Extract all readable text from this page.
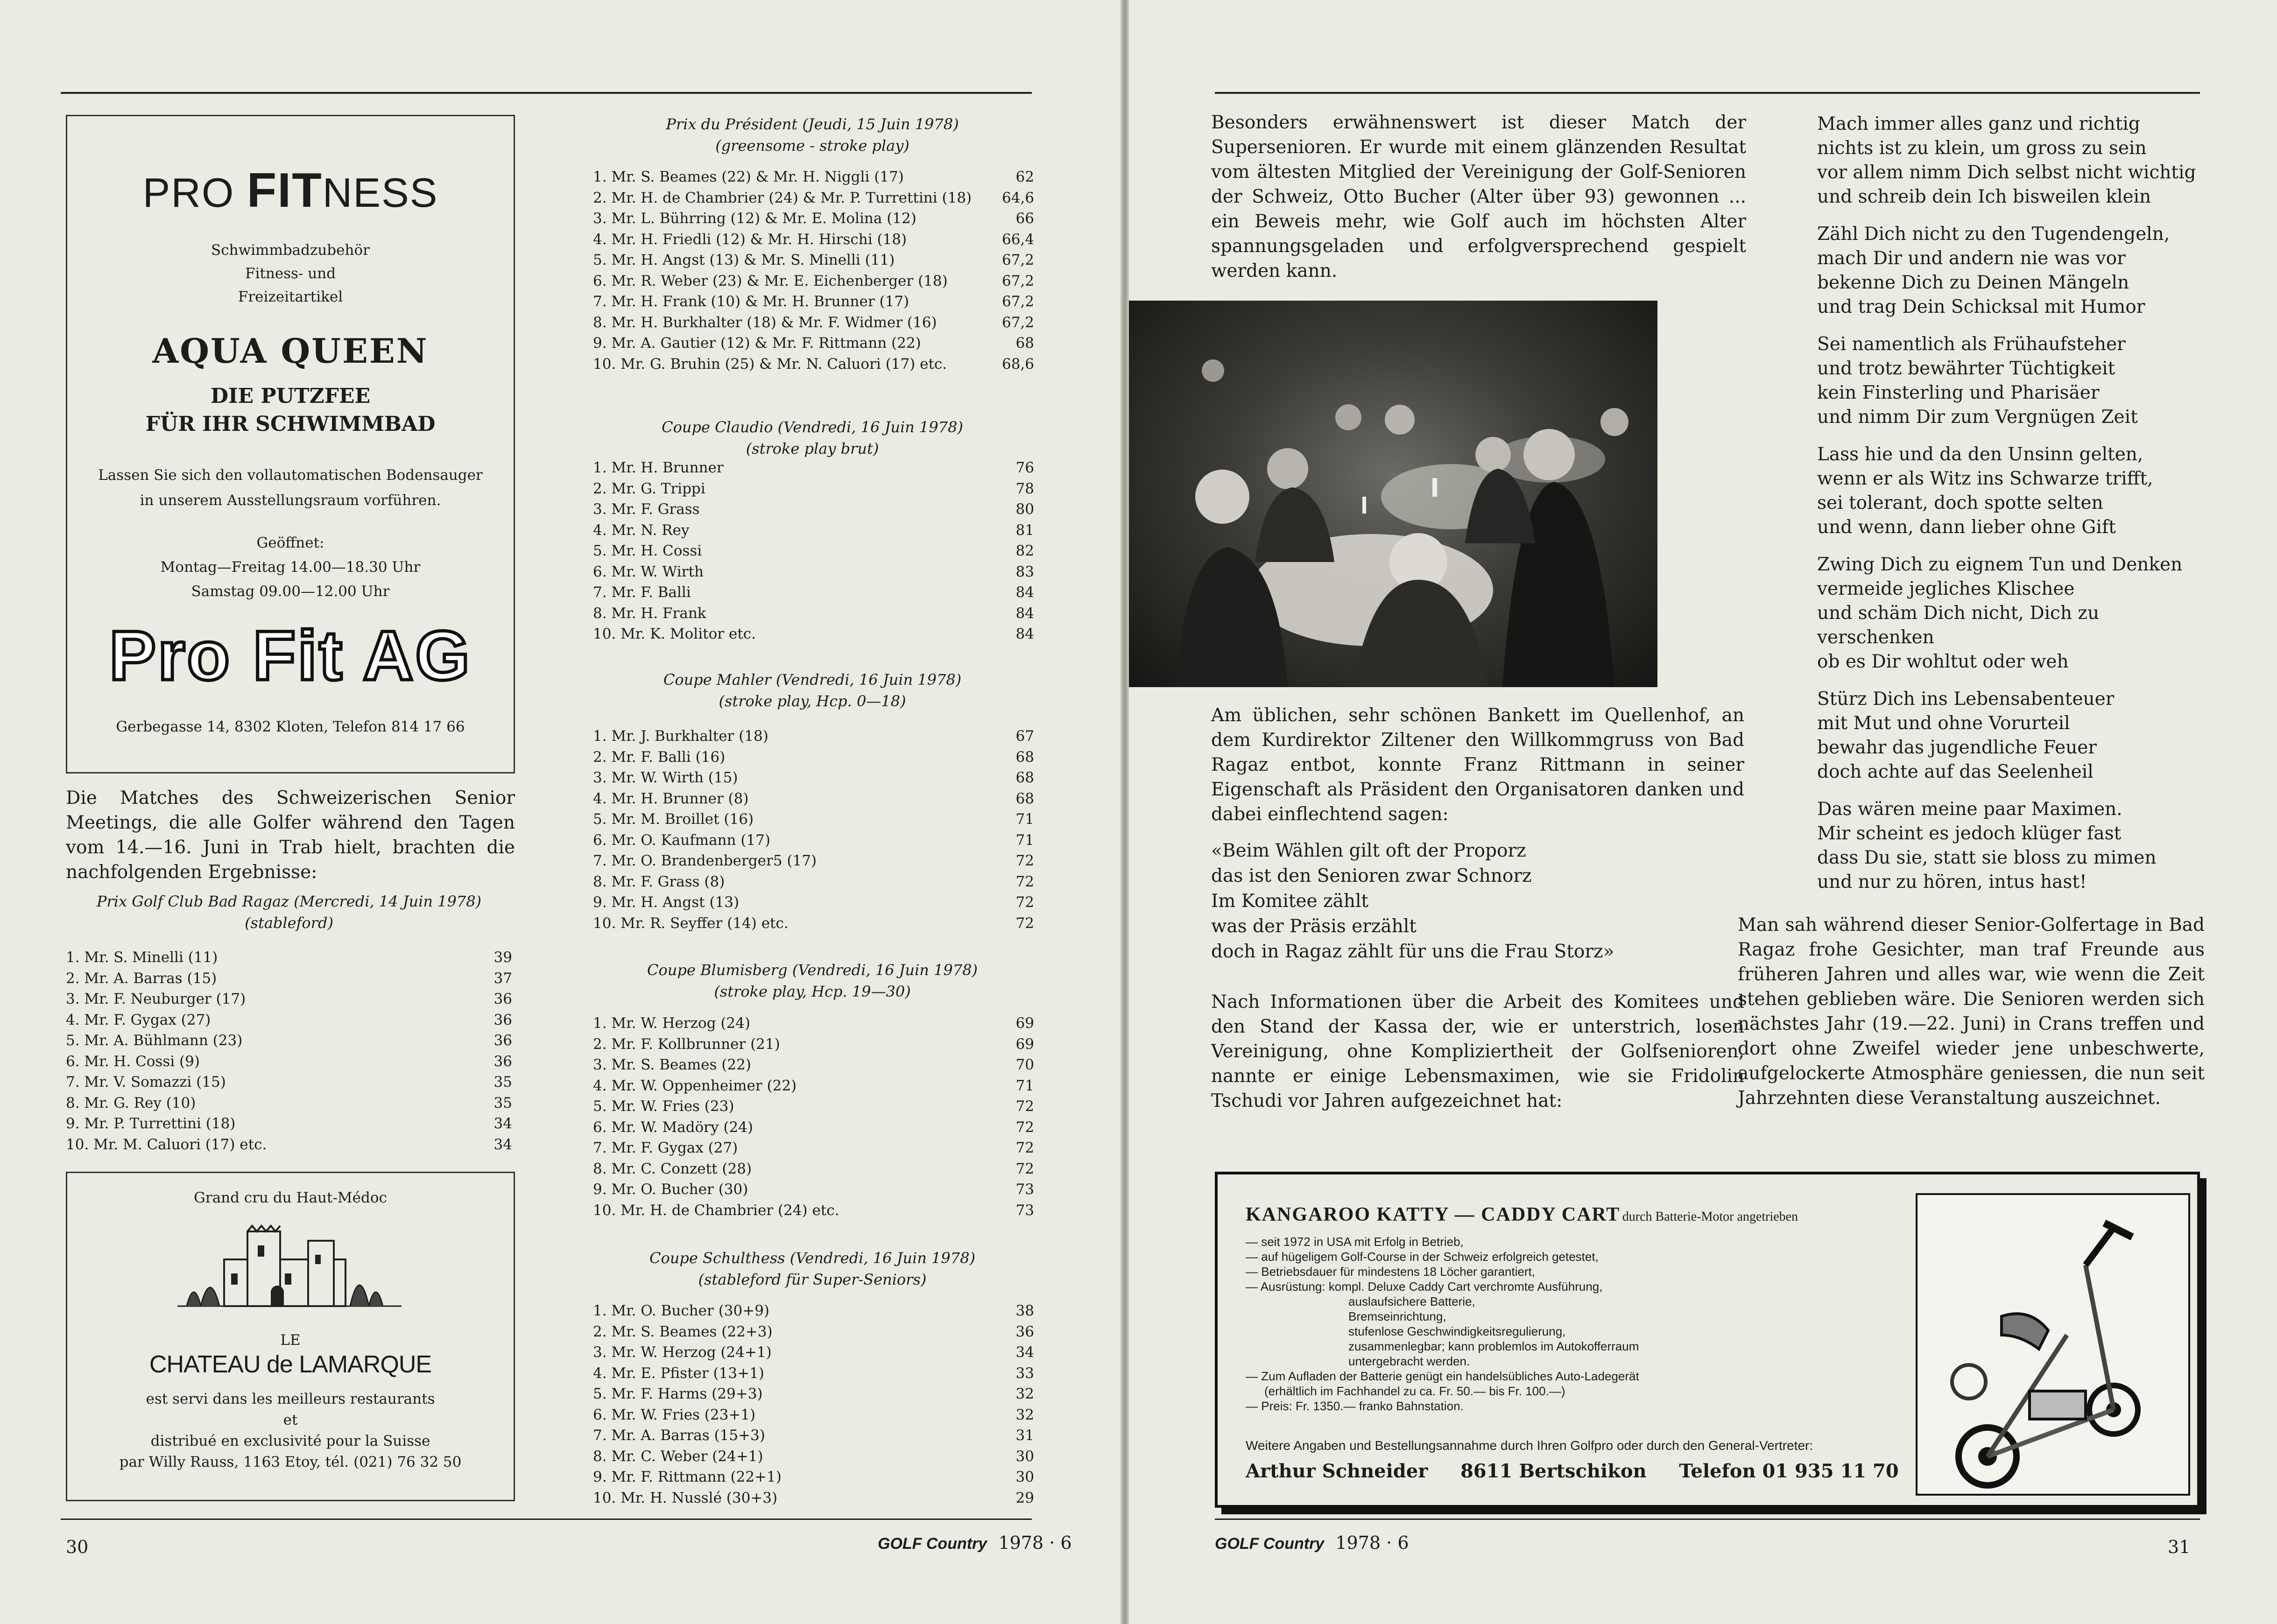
PRO FITNESS
Schwimmbadzubehör
Fitness- und
Freizeitartikel
AQUA QUEEN
DIE PUTZFEE
FÜR IHR SCHWIMMBAD
Lassen Sie sich den vollautomatischen Bodensauger
in unserem Ausstellungsraum vorführen.
Geöffnet:
Montag—Freitag 14.00—18.30 Uhr
Samstag 09.00—12.00 Uhr
Pro Fit AG
Gerbegasse 14, 8302 Kloten, Telefon 814 17 66

Die Matches des Schweizerischen Senior Meetings, die alle Golfer während den Tagen vom 14.—16. Juni in Trab hielt, brachten die nachfolgenden Ergebnisse:

Prix Golf Club Bad Ragaz (Mercredi, 14 Juin 1978)
(stableford)
1. Mr. S. Minelli (11)	39
2. Mr. A. Barras (15)	37
3. Mr. F. Neuburger (17)	36
4. Mr. F. Gygax (27)	36
5. Mr. A. Bühlmann (23)	36
6. Mr. H. Cossi (9)	36
7. Mr. V. Somazzi (15)	35
8. Mr. G. Rey (10)	35
9. Mr. P. Turrettini (18)	34
10. Mr. M. Caluori (17) etc.	34
Grand cru du Haut-Médoc
LE
CHATEAU de LAMARQUE
est servi dans les meilleurs restaurants
et
distribué en exclusivité pour la Suisse
par Willy Rauss, 1163 Etoy, tél. (021) 76 32 50
Prix du Président (Jeudi, 15 Juin 1978)
(greensome - stroke play)
1. Mr. S. Beames (22) & Mr. H. Niggli (17)	62
2. Mr. H. de Chambrier (24) & Mr. P. Turrettini (18) 64,6
3. Mr. L. Bührring (12) & Mr. E. Molina (12)	66
4. Mr. H. Friedli (12) & Mr. H. Hirschi (18)	66,4
5. Mr. H. Angst (13) & Mr. S. Minelli (11)	67,2
6. Mr. R. Weber (23) & Mr. E. Eichenberger (18)	67,2
7. Mr. H. Frank (10) & Mr. H. Brunner (17)	67,2
8. Mr. H. Burkhalter (18) & Mr. F. Widmer (16)	67,2
9. Mr. A. Gautier (12) & Mr. F. Rittmann (22)	68
10. Mr. G. Bruhin (25) & Mr. N. Caluori (17) etc.	68,6
Coupe Claudio (Vendredi, 16 Juin 1978)
(stroke play brut)
1. Mr. H. Brunner	76
2. Mr. G. Trippi	78
3. Mr. F. Grass	80
4. Mr. N. Rey	81
5. Mr. H. Cossi	82
6. Mr. W. Wirth	83
7. Mr. F. Balli	84
8. Mr. H. Frank	84
10. Mr. K. Molitor etc.	84
Coupe Mahler (Vendredi, 16 Juin 1978)
(stroke play, Hcp. 0—18)
1. Mr. J. Burkhalter (18)	67
2. Mr. F. Balli (16)	68
3. Mr. W. Wirth (15)	68
4. Mr. H. Brunner (8)	68
5. Mr. M. Broillet (16)	71
6. Mr. O. Kaufmann (17)	71
7. Mr. O. Brandenberger5 (17)	72
8. Mr. F. Grass (8)	72
9. Mr. H. Angst (13)	72
10. Mr. R. Seyffer (14) etc.	72
Coupe Blumisberg (Vendredi, 16 Juin 1978)
(stroke play, Hcp. 19—30)
1. Mr. W. Herzog (24)	69
2. Mr. F. Kollbrunner (21)	69
3. Mr. S. Beames (22)	70
4. Mr. W. Oppenheimer (22)	71
5. Mr. W. Fries (23)	72
6. Mr. W. Madöry (24)	72
7. Mr. F. Gygax (27)	72
8. Mr. C. Conzett (28)	72
9. Mr. O. Bucher (30)	73
10. Mr. H. de Chambrier (24) etc.	73
Coupe Schulthess (Vendredi, 16 Juin 1978)
(stableford für Super-Seniors)
1. Mr. O. Bucher (30+9)	38
2. Mr. S. Beames (22+3)	36
3. Mr. W. Herzog (24+1)	34
4. Mr. E. Pfister (13+1)	33
5. Mr. F. Harms (29+3)	32
6. Mr. W. Fries (23+1)	32
7. Mr. A. Barras (15+3)	31
8. Mr. C. Weber (24+1)	30
9. Mr. F. Rittmann (22+1)	30
10. Mr. H. Nusslé (30+3)	29
30	GOLF Country 1978 · 6

Besonders erwähnenswert ist dieser Match der Supersenioren. Er wurde mit einem glänzenden Resultat vom ältesten Mitglied der Vereinigung der Golf-Senioren der Schweiz, Otto Bucher (Alter über 93) gewonnen ... ein Beweis mehr, wie Golf auch im höchsten Alter spannungsgeladen und erfolgversprechend gespielt werden kann.

Am üblichen, sehr schönen Bankett im Quellenhof, an dem Kurdirektor Ziltener den Willkommgruss von Bad Ragaz entbot, konnte Franz Rittmann in seiner Eigenschaft als Präsident den Organisatoren danken und dabei einflechtend sagen:

«Beim Wählen gilt oft der Proporz
das ist den Senioren zwar Schnorz
Im Komitee zählt
was der Präsis erzählt
doch in Ragaz zählt für uns die Frau Storz»

Nach Informationen über die Arbeit des Komitees und den Stand der Kassa der, wie er unterstrich, losen Vereinigung, ohne Kompliziertheit der Golfsenioren, nannte er einige Lebensmaximen, wie sie Fridolin Tschudi vor Jahren aufgezeichnet hat:

Mach immer alles ganz und richtig
nichts ist zu klein, um gross zu sein
vor allem nimm Dich selbst nicht wichtig
und schreib dein Ich bisweilen klein

Zähl Dich nicht zu den Tugendengeln,
mach Dir und andern nie was vor
bekenne Dich zu Deinen Mängeln
und trag Dein Schicksal mit Humor

Sei namentlich als Frühaufsteher
und trotz bewährter Tüchtigkeit
kein Finsterling und Pharisäer
und nimm Dir zum Vergnügen Zeit

Lass hie und da den Unsinn gelten,
wenn er als Witz ins Schwarze trifft,
sei tolerant, doch spotte selten
und wenn, dann lieber ohne Gift

Zwing Dich zu eignem Tun und Denken
vermeide jegliches Klischee
und schäm Dich nicht, Dich zu verschenken
ob es Dir wohltut oder weh

Stürz Dich ins Lebensabenteuer
mit Mut und ohne Vorurteil
bewahr das jugendliche Feuer
doch achte auf das Seelenheil

Das wären meine paar Maximen.
Mir scheint es jedoch klüger fast
dass Du sie, statt sie bloss zu mimen
und nur zu hören, intus hast!

Man sah während dieser Senior-Golfertage in Bad Ragaz frohe Gesichter, man traf Freunde aus früheren Jahren und alles war, wie wenn die Zeit stehen geblieben wäre. Die Senioren werden sich nächstes Jahr (19.—22. Juni) in Crans treffen und dort ohne Zweifel wieder jene unbeschwerte, aufgelockerte Atmosphäre geniessen, die nun seit Jahrzehnten diese Veranstaltung auszeichnet.

KANGAROO KATTY — CADDY CART durch Batterie-Motor angetrieben
— seit 1972 in USA mit Erfolg in Betrieb,
— auf hügeligem Golf-Course in der Schweiz erfolgreich getestet,
— Betriebsdauer für mindestens 18 Löcher garantiert,
— Ausrüstung: kompl. Deluxe Caddy Cart verchromte Ausführung,
auslaufsichere Batterie,
Bremseinrichtung,
stufenlose Geschwindigkeitsregulierung,
zusammenlegbar; kann problemlos im Autokofferraum
untergebracht werden.
— Zum Aufladen der Batterie genügt ein handelsübliches Auto-Ladegerät
(erhältlich im Fachhandel zu ca. Fr. 50.— bis Fr. 100.—)
— Preis: Fr. 1350.— franko Bahnstation.
Weitere Angaben und Bestellungsannahme durch Ihren Golfpro oder durch den General-Vertreter:
Arthur Schneider 8611 Bertschikon Telefon 01 935 11 70
GOLF Country 1978 · 6	31
